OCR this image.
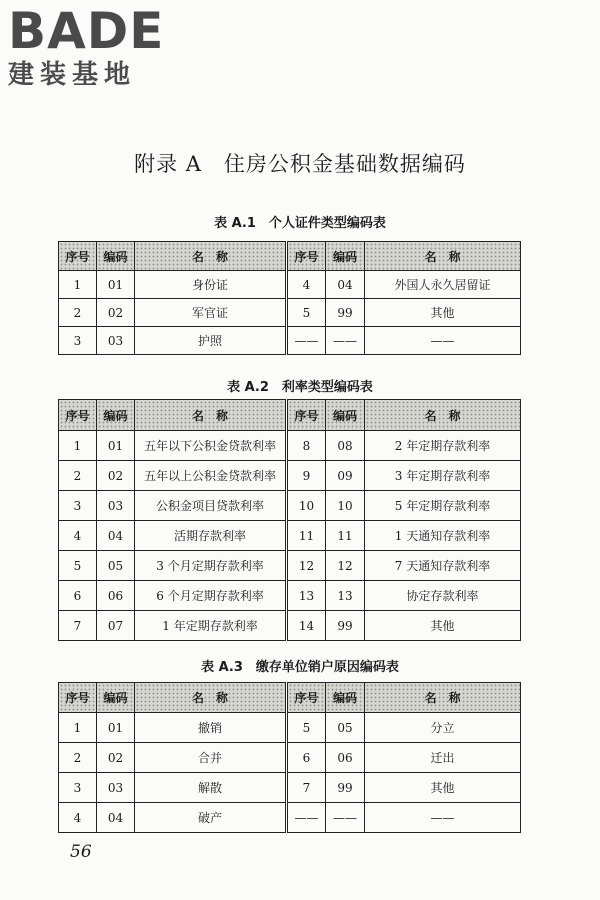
BADE
建装基地
附录 A　住房公积金基础数据编码
表 A.1　个人证件类型编码表
序号	编码	名　称	序号	编码	名　称
1	01	身份证	4	04	外国人永久居留证
2	02	军官证	5	99	其他
3	03	护照	——	——	——
表 A.2　利率类型编码表
序号	编码	名　称	序号	编码	名　称
1	01	五年以下公积金贷款利率	8	08	2 年定期存款利率
2	02	五年以上公积金贷款利率	9	09	3 年定期存款利率
3	03	公积金项目贷款利率	10	10	5 年定期存款利率
4	04	活期存款利率	11	11	1 天通知存款利率
5	05	3 个月定期存款利率	12	12	7 天通知存款利率
6	06	6 个月定期存款利率	13	13	协定存款利率
7	07	1 年定期存款利率	14	99	其他
表 A.3　缴存单位销户原因编码表
序号	编码	名　称	序号	编码	名　称
1	01	撤销	5	05	分立
2	02	合并	6	06	迁出
3	03	解散	7	99	其他
4	04	破产	——	——	——
56
